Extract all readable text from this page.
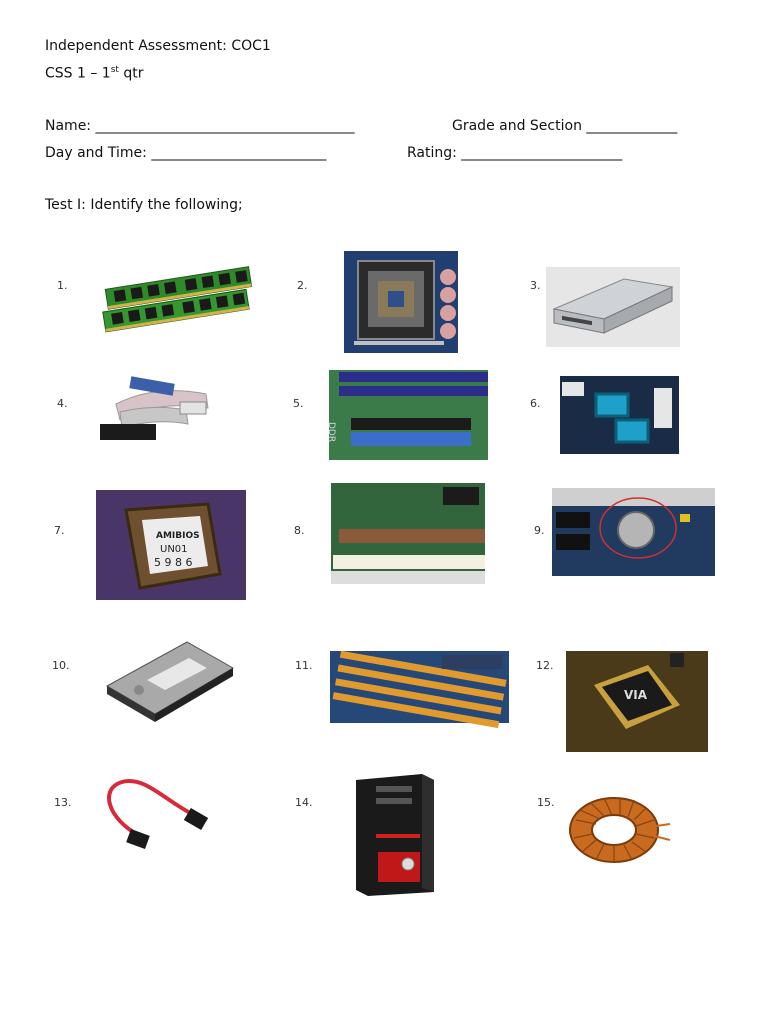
Independent Assessment: COC1
CSS 1 – 1st qtr
Name: _____________________________________	Grade and Section _____________
Day and Time: _________________________	Rating: _______________________
Test I: Identify the following;
1.	2.	3.
4.	5.	6.
7.	8.	9.
10.	11.	12.
13.	14.	15.
DDR
AMIBIOS
UN01
5 9 8 6
VIA
